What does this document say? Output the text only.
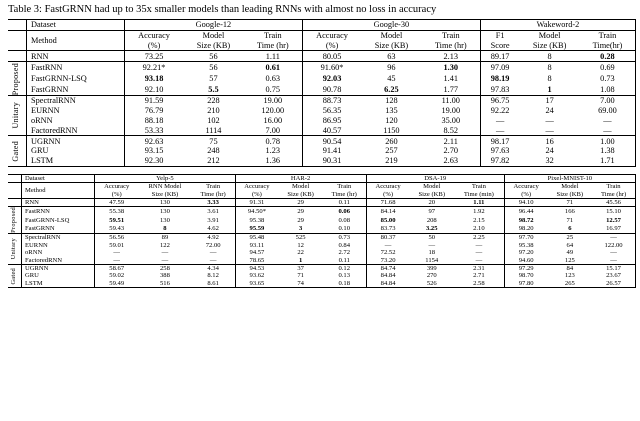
Table 3: FastGRNN had up to 35x smaller models than leading RNNs with almost no loss in accuracy
	Dataset	Google-12			Google-30			Wakeword-2		
	Method	Accuracy	Model	Train	Accuracy	Model	Train	F1	Model	Train
		(%)	Size (KB)	Time (hr)	(%)	Size (KB)	Time (hr)	Score	Size (KB)	Time(hr)
	RNN	73.25	56	1.11	80.05	63	2.13	89.17	8	0.28

Proposed	FastRNN	92.21*	56	0.61	91.60*	96	1.30	97.09	8	0.69
	FastGRNN-LSQ	93.18	57	0.63	92.03	45	1.41	98.19	8	0.73
	FastGRNN	92.10	5.5	0.75	90.78	6.25	1.77	97.83	1	1.08

Unitary	SpectralRNN	91.59	228	19.00	88.73	128	11.00	96.75	17	7.00
	EURNN	76.79	210	120.00	56.35	135	19.00	92.22	24	69.00
	oRNN	88.18	102	16.00	86.95	120	35.00	—	—	—
	FactoredRNN	53.33	1114	7.00	40.57	1150	8.52	—	—	—

Gated	UGRNN	92.63	75	0.78	90.54	260	2.11	98.17	16	1.00
	GRU	93.15	248	1.23	91.41	257	2.70	97.63	24	1.38
	LSTM	92.30	212	1.36	90.31	219	2.63	97.82	32	1.71

	Dataset	Yelp-5			HAR-2			DSA-19			Pixel-MNIST-10		
	Method	Accuracy	RNN Model	Train	Accuracy	Model	Train	Accuracy	Model	Train	Accuracy	Model	Train
		(%)	Size (KB)	Time (hr)	(%)	Size (KB)	Time (hr)	(%)	Size (KB)	Time (min)	(%)	Size (KB)	Time (hr)
	RNN	47.59	130	3.33	91.31	29	0.11	71.68	20	1.11	94.10	71	45.56

Proposed	FastRNN	55.38	130	3.61	94.50*	29	0.06	84.14	97	1.92	96.44	166	15.10
	FastGRNN-LSQ	59.51	130	3.91	95.38	29	0.08	85.00	208	2.15	98.72	71	12.57
	FastGRNN	59.43	8	4.62	95.59	3	0.10	83.73	3.25	2.10	98.20	6	16.97

Unitary	SpectralRNN	56.56	89	4.92	95.48	525	0.73	80.37	50	2.25	97.70	25	—
	EURNN	59.01	122	72.00	93.11	12	0.84	—	—	—	95.38	64	122.00
	oRNN	—	—	—	94.57	22	2.72	72.52	18	—	97.20	49	—
	FactoredRNN	—	—	—	78.65	1	0.11	73.20	1154	—	94.60	125	—

Gated	UGRNN	58.67	258	4.34	94.53	37	0.12	84.74	399	2.31	97.29	84	15.17
	GRU	59.02	388	8.12	93.62	71	0.13	84.84	270	2.71	98.70	123	23.67
	LSTM	59.49	516	8.61	93.65	74	0.18	84.84	526	2.58	97.80	265	26.57
